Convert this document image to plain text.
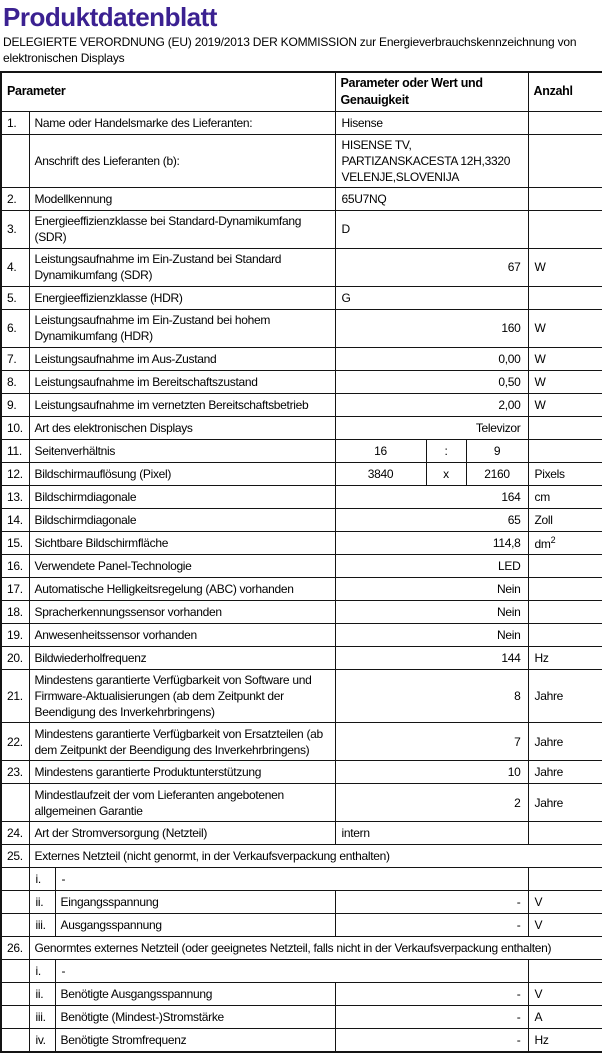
Produktdatenblatt
DELEGIERTE VERORDNUNG (EU) 2019/2013 DER KOMMISSION zur Energieverbrauchskennzeichnung von elektronischen Displays
Parameter			Parameter oder Wert und Genauigkeit			Anzahl
1.	Name oder Handelsmarke des Lieferanten:		Hisense			
	Anschrift des Lieferanten (b):		HISENSE TV, PARTIZANSKACESTA 12H,3320 VELENJE,SLOVENIJA			
2.	Modellkennung		65U7NQ			
3.	Energieeffizienzklasse bei Standard-Dynamikumfang (SDR)		D			
4.	Leistungsaufnahme im Ein-Zustand bei Standard Dynamikumfang (SDR)		67			W
5.	Energieeffizienzklasse (HDR)		G			
6.	Leistungsaufnahme im Ein-Zustand bei hohem Dynamikumfang (HDR)		160			W
7.	Leistungsaufnahme im Aus-Zustand		0,00			W
8.	Leistungsaufnahme im Bereitschaftszustand		0,50			W
9.	Leistungsaufnahme im vernetzten Bereitschaftsbetrieb		2,00			W
10.	Art des elektronischen Displays		Televizor			
11.	Seitenverhältnis		16	:	9	
12.	Bildschirmauflösung (Pixel)		3840	x	2160	Pixels
13.	Bildschirmdiagonale		164			cm
14.	Bildschirmdiagonale		65			Zoll
15.	Sichtbare Bildschirmfläche		114,8			$dm^2$
16.	Verwendete Panel-Technologie		LED			
17.	Automatische Helligkeitsregelung (ABC) vorhanden		Nein			
18.	Spracherkennungssensor vorhanden		Nein			
19.	Anwesenheitssensor vorhanden		Nein			
20.	Bildwiederholfrequenz		144			Hz
21.	Mindestens garantierte Verfügbarkeit von Software und Firmware-Aktualisierungen (ab dem Zeitpunkt der Beendigung des Inverkehrbringens)		8			Jahre
22.	Mindestens garantierte Verfügbarkeit von Ersatzteilen (ab dem Zeitpunkt der Beendigung des Inverkehrbringens)		7			Jahre
23.	Mindestens garantierte Produktunterstützung		10			Jahre
	Mindestlaufzeit der vom Lieferanten angebotenen allgemeinen Garantie		2			Jahre
24.	Art der Stromversorgung (Netzteil)		intern			
25.	Externes Netzteil (nicht genormt, in der Verkaufsverpackung enthalten)					
	i.	-				
	ii.	Eingangsspannung	-			V
	iii.	Ausgangsspannung	-			V
26.	Genormtes externes Netzteil (oder geeignetes Netzteil, falls nicht in der Verkaufsverpackung enthalten)					
	i.	-				
	ii.	Benötigte Ausgangsspannung	-			V
	iii.	Benötigte (Mindest-)Stromstärke	-			A
	iv.	Benötigte Stromfrequenz	-			Hz
